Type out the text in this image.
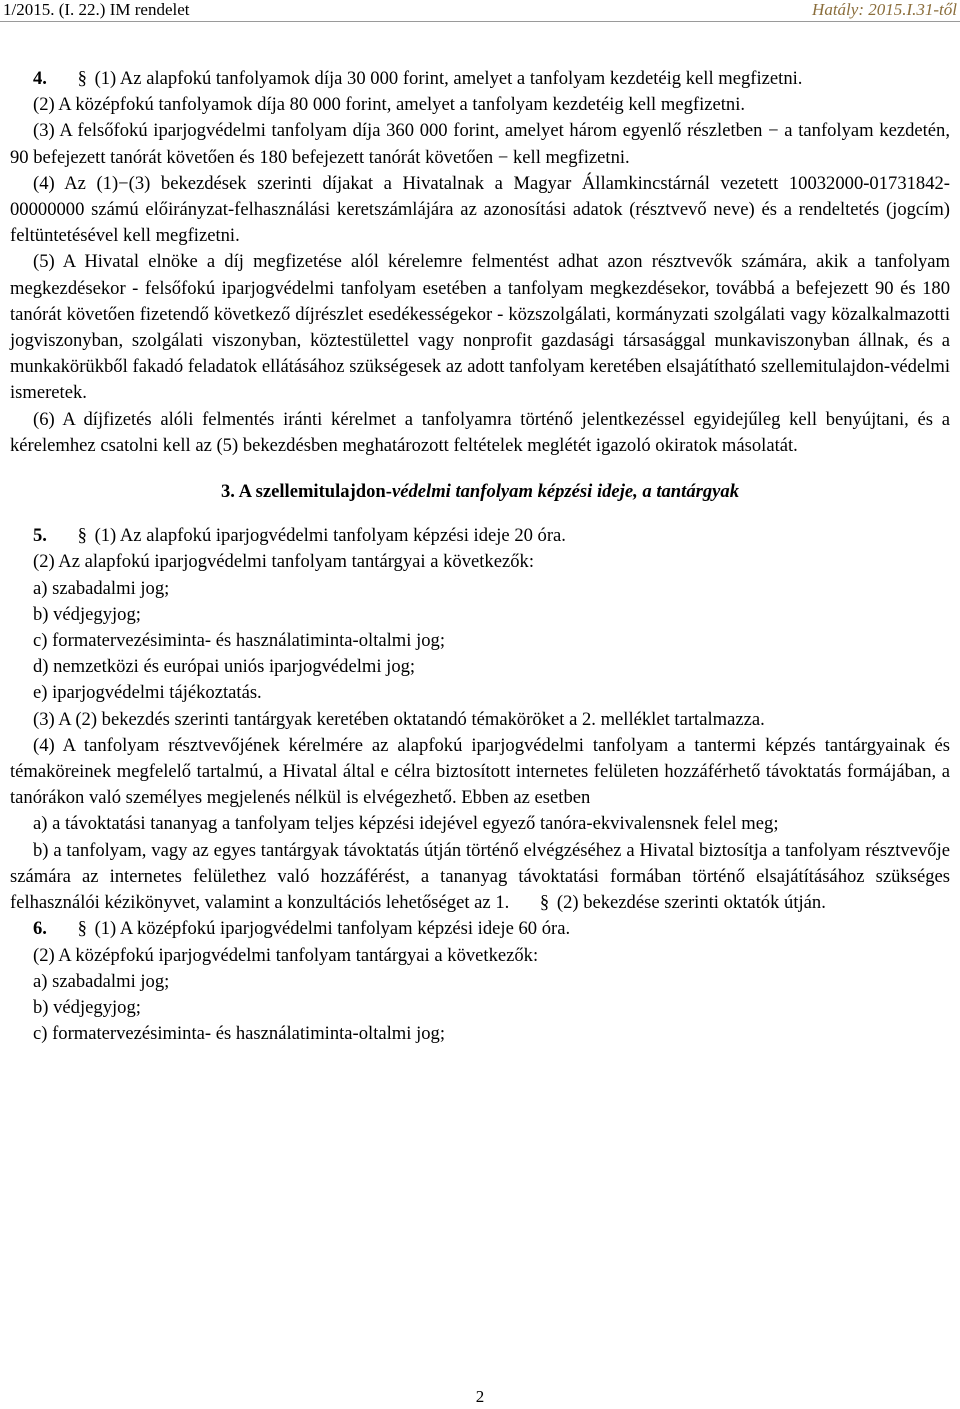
1/2015. (I. 22.) IM rendelet	Hatály: 2015.I.31-től

4. § (1) Az alapfokú tanfolyamok díja 30 000 forint, amelyet a tanfolyam kezdetéig kell megfizetni.

(2) A középfokú tanfolyamok díja 80 000 forint, amelyet a tanfolyam kezdetéig kell megfizetni.

(3) A felsőfokú iparjogvédelmi tanfolyam díja 360 000 forint, amelyet három egyenlő részletben − a tanfolyam kezdetén, 90 befejezett tanórát követően és 180 befejezett tanórát követően − kell megfizetni.

(4) Az (1)−(3) bekezdések szerinti díjakat a Hivatalnak a Magyar Államkincstárnál vezetett 10032000-01731842-00000000 számú előirányzat-felhasználási keretszámlájára az azonosítási adatok (résztvevő neve) és a rendeltetés (jogcím) feltüntetésével kell megfizetni.

(5) A Hivatal elnöke a díj megfizetése alól kérelemre felmentést adhat azon résztvevők számára, akik a tanfolyam megkezdésekor - felsőfokú iparjogvédelmi tanfolyam esetében a tanfolyam megkezdésekor, továbbá a befejezett 90 és 180 tanórát követően fizetendő következő díjrészlet esedékességekor - közszolgálati, kormányzati szolgálati vagy közalkalmazotti jogviszonyban, szolgálati viszonyban, köztestülettel vagy nonprofit gazdasági társasággal munkaviszonyban állnak, és a munkakörükből fakadó feladatok ellátásához szükségesek az adott tanfolyam keretében elsajátítható szellemitulajdon-védelmi ismeretek.

(6) A díjfizetés alóli felmentés iránti kérelmet a tanfolyamra történő jelentkezéssel egyidejűleg kell benyújtani, és a kérelemhez csatolni kell az (5) bekezdésben meghatározott feltételek meglétét igazoló okiratok másolatát.

3. A szellemitulajdon-védelmi tanfolyam képzési ideje, a tantárgyak

5. § (1) Az alapfokú iparjogvédelmi tanfolyam képzési ideje 20 óra.

(2) Az alapfokú iparjogvédelmi tanfolyam tantárgyai a következők:

a) szabadalmi jog;

b) védjegyjog;

c) formatervezésiminta- és használatiminta-oltalmi jog;

d) nemzetközi és európai uniós iparjogvédelmi jog;

e) iparjogvédelmi tájékoztatás.

(3) A (2) bekezdés szerinti tantárgyak keretében oktatandó témaköröket a 2. melléklet tartalmazza.

(4) A tanfolyam résztvevőjének kérelmére az alapfokú iparjogvédelmi tanfolyam a tantermi képzés tantárgyainak és témaköreinek megfelelő tartalmú, a Hivatal által e célra biztosított internetes felületen hozzáférhető távoktatás formájában, a tanórákon való személyes megjelenés nélkül is elvégezhető. Ebben az esetben

a) a távoktatási tananyag a tanfolyam teljes képzési idejével egyező tanóra-ekvivalensnek felel meg;

b) a tanfolyam, vagy az egyes tantárgyak távoktatás útján történő elvégzéséhez a Hivatal biztosítja a tanfolyam résztvevője számára az internetes felülethez való hozzáférést, a tananyag távoktatási formában történő elsajátításához szükséges felhasználói kézikönyvet, valamint a konzultációs lehetőséget az 1. § (2) bekezdése szerinti oktatók útján.

6. § (1) A középfokú iparjogvédelmi tanfolyam képzési ideje 60 óra.

(2) A középfokú iparjogvédelmi tanfolyam tantárgyai a következők:

a) szabadalmi jog;

b) védjegyjog;

c) formatervezésiminta- és használatiminta-oltalmi jog;

2
